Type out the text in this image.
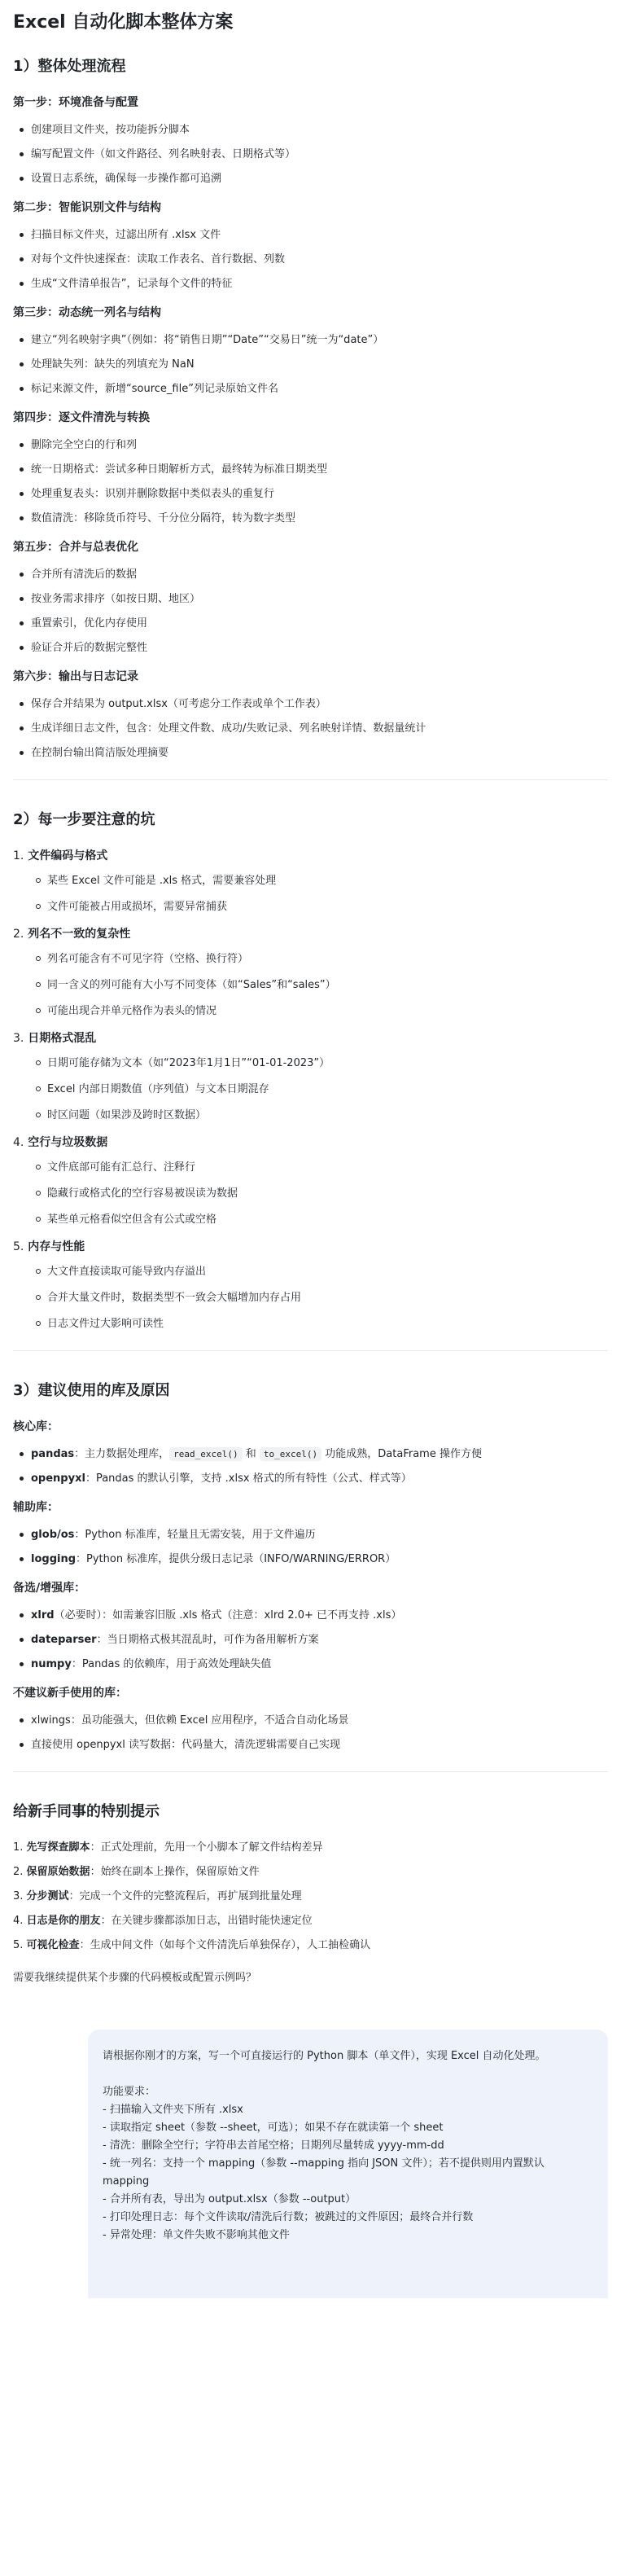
Excel 自动化脚本整体方案
1）整体处理流程
第一步：环境准备与配置
创建项目文件夹，按功能拆分脚本
编写配置文件（如文件路径、列名映射表、日期格式等）
设置日志系统，确保每一步操作都可追溯
第二步：智能识别文件与结构
扫描目标文件夹，过滤出所有 .xlsx 文件
对每个文件快速探查：读取工作表名、首行数据、列数
生成“文件清单报告”，记录每个文件的特征
第三步：动态统一列名与结构
建立“列名映射字典”（例如：将“销售日期”“Date”“交易日”统一为“date”）
处理缺失列：缺失的列填充为 NaN
标记来源文件，新增“source_file”列记录原始文件名
第四步：逐文件清洗与转换
删除完全空白的行和列
统一日期格式：尝试多种日期解析方式，最终转为标准日期类型
处理重复表头：识别并删除数据中类似表头的重复行
数值清洗：移除货币符号、千分位分隔符，转为数字类型
第五步：合并与总表优化
合并所有清洗后的数据
按业务需求排序（如按日期、地区）
重置索引，优化内存使用
验证合并后的数据完整性
第六步：输出与日志记录
保存合并结果为 output.xlsx（可考虑分工作表或单个工作表）
生成详细日志文件，包含：处理文件数、成功/失败记录、列名映射详情、数据量统计
在控制台输出简洁版处理摘要
2）每一步要注意的坑
1. 文件编码与格式
某些 Excel 文件可能是 .xls 格式，需要兼容处理
文件可能被占用或损坏，需要异常捕获
2. 列名不一致的复杂性
列名可能含有不可见字符（空格、换行符）
同一含义的列可能有大小写不同变体（如“Sales”和“sales”）
可能出现合并单元格作为表头的情况
3. 日期格式混乱
日期可能存储为文本（如“2023年1月1日”“01-01-2023”）
Excel 内部日期数值（序列值）与文本日期混存
时区问题（如果涉及跨时区数据）
4. 空行与垃圾数据
文件底部可能有汇总行、注释行
隐藏行或格式化的空行容易被误读为数据
某些单元格看似空但含有公式或空格
5. 内存与性能
大文件直接读取可能导致内存溢出
合并大量文件时，数据类型不一致会大幅增加内存占用
日志文件过大影响可读性
3）建议使用的库及原因
核心库：
pandas：主力数据处理库， read_excel() 和 to_excel() 功能成熟，DataFrame 操作方便
openpyxl：Pandas 的默认引擎，支持 .xlsx 格式的所有特性（公式、样式等）
辅助库：
glob/os：Python 标准库，轻量且无需安装，用于文件遍历
logging：Python 标准库，提供分级日志记录（INFO/WARNING/ERROR）
备选/增强库：
xlrd（必要时）：如需兼容旧版 .xls 格式（注意：xlrd 2.0+ 已不再支持 .xls）
dateparser：当日期格式极其混乱时，可作为备用解析方案
numpy：Pandas 的依赖库，用于高效处理缺失值
不建议新手使用的库：
xlwings：虽功能强大，但依赖 Excel 应用程序，不适合自动化场景
直接使用 openpyxl 读写数据：代码量大，清洗逻辑需要自己实现
给新手同事的特别提示
1. 先写探查脚本：正式处理前，先用一个小脚本了解文件结构差异
2. 保留原始数据：始终在副本上操作，保留原始文件
3. 分步测试：完成一个文件的完整流程后，再扩展到批量处理
4. 日志是你的朋友：在关键步骤都添加日志，出错时能快速定位
5. 可视化检查：生成中间文件（如每个文件清洗后单独保存），人工抽检确认

需要我继续提供某个步骤的代码模板或配置示例吗？

请根据你刚才的方案，写一个可直接运行的 Python 脚本（单文件），实现 Excel 自动化处理。

功能要求：
- 扫描输入文件夹下所有 .xlsx
- 读取指定 sheet（参数 --sheet，可选）；如果不存在就读第一个 sheet
- 清洗：删除全空行；字符串去首尾空格；日期列尽量转成 yyyy-mm-dd
- 统一列名：支持一个 mapping（参数 --mapping 指向 JSON 文件）；若不提供则用内置默认 mapping
- 合并所有表，导出为 output.xlsx（参数 --output）
- 打印处理日志：每个文件读取/清洗后行数；被跳过的文件原因；最终合并行数
- 异常处理：单文件失败不影响其他文件
